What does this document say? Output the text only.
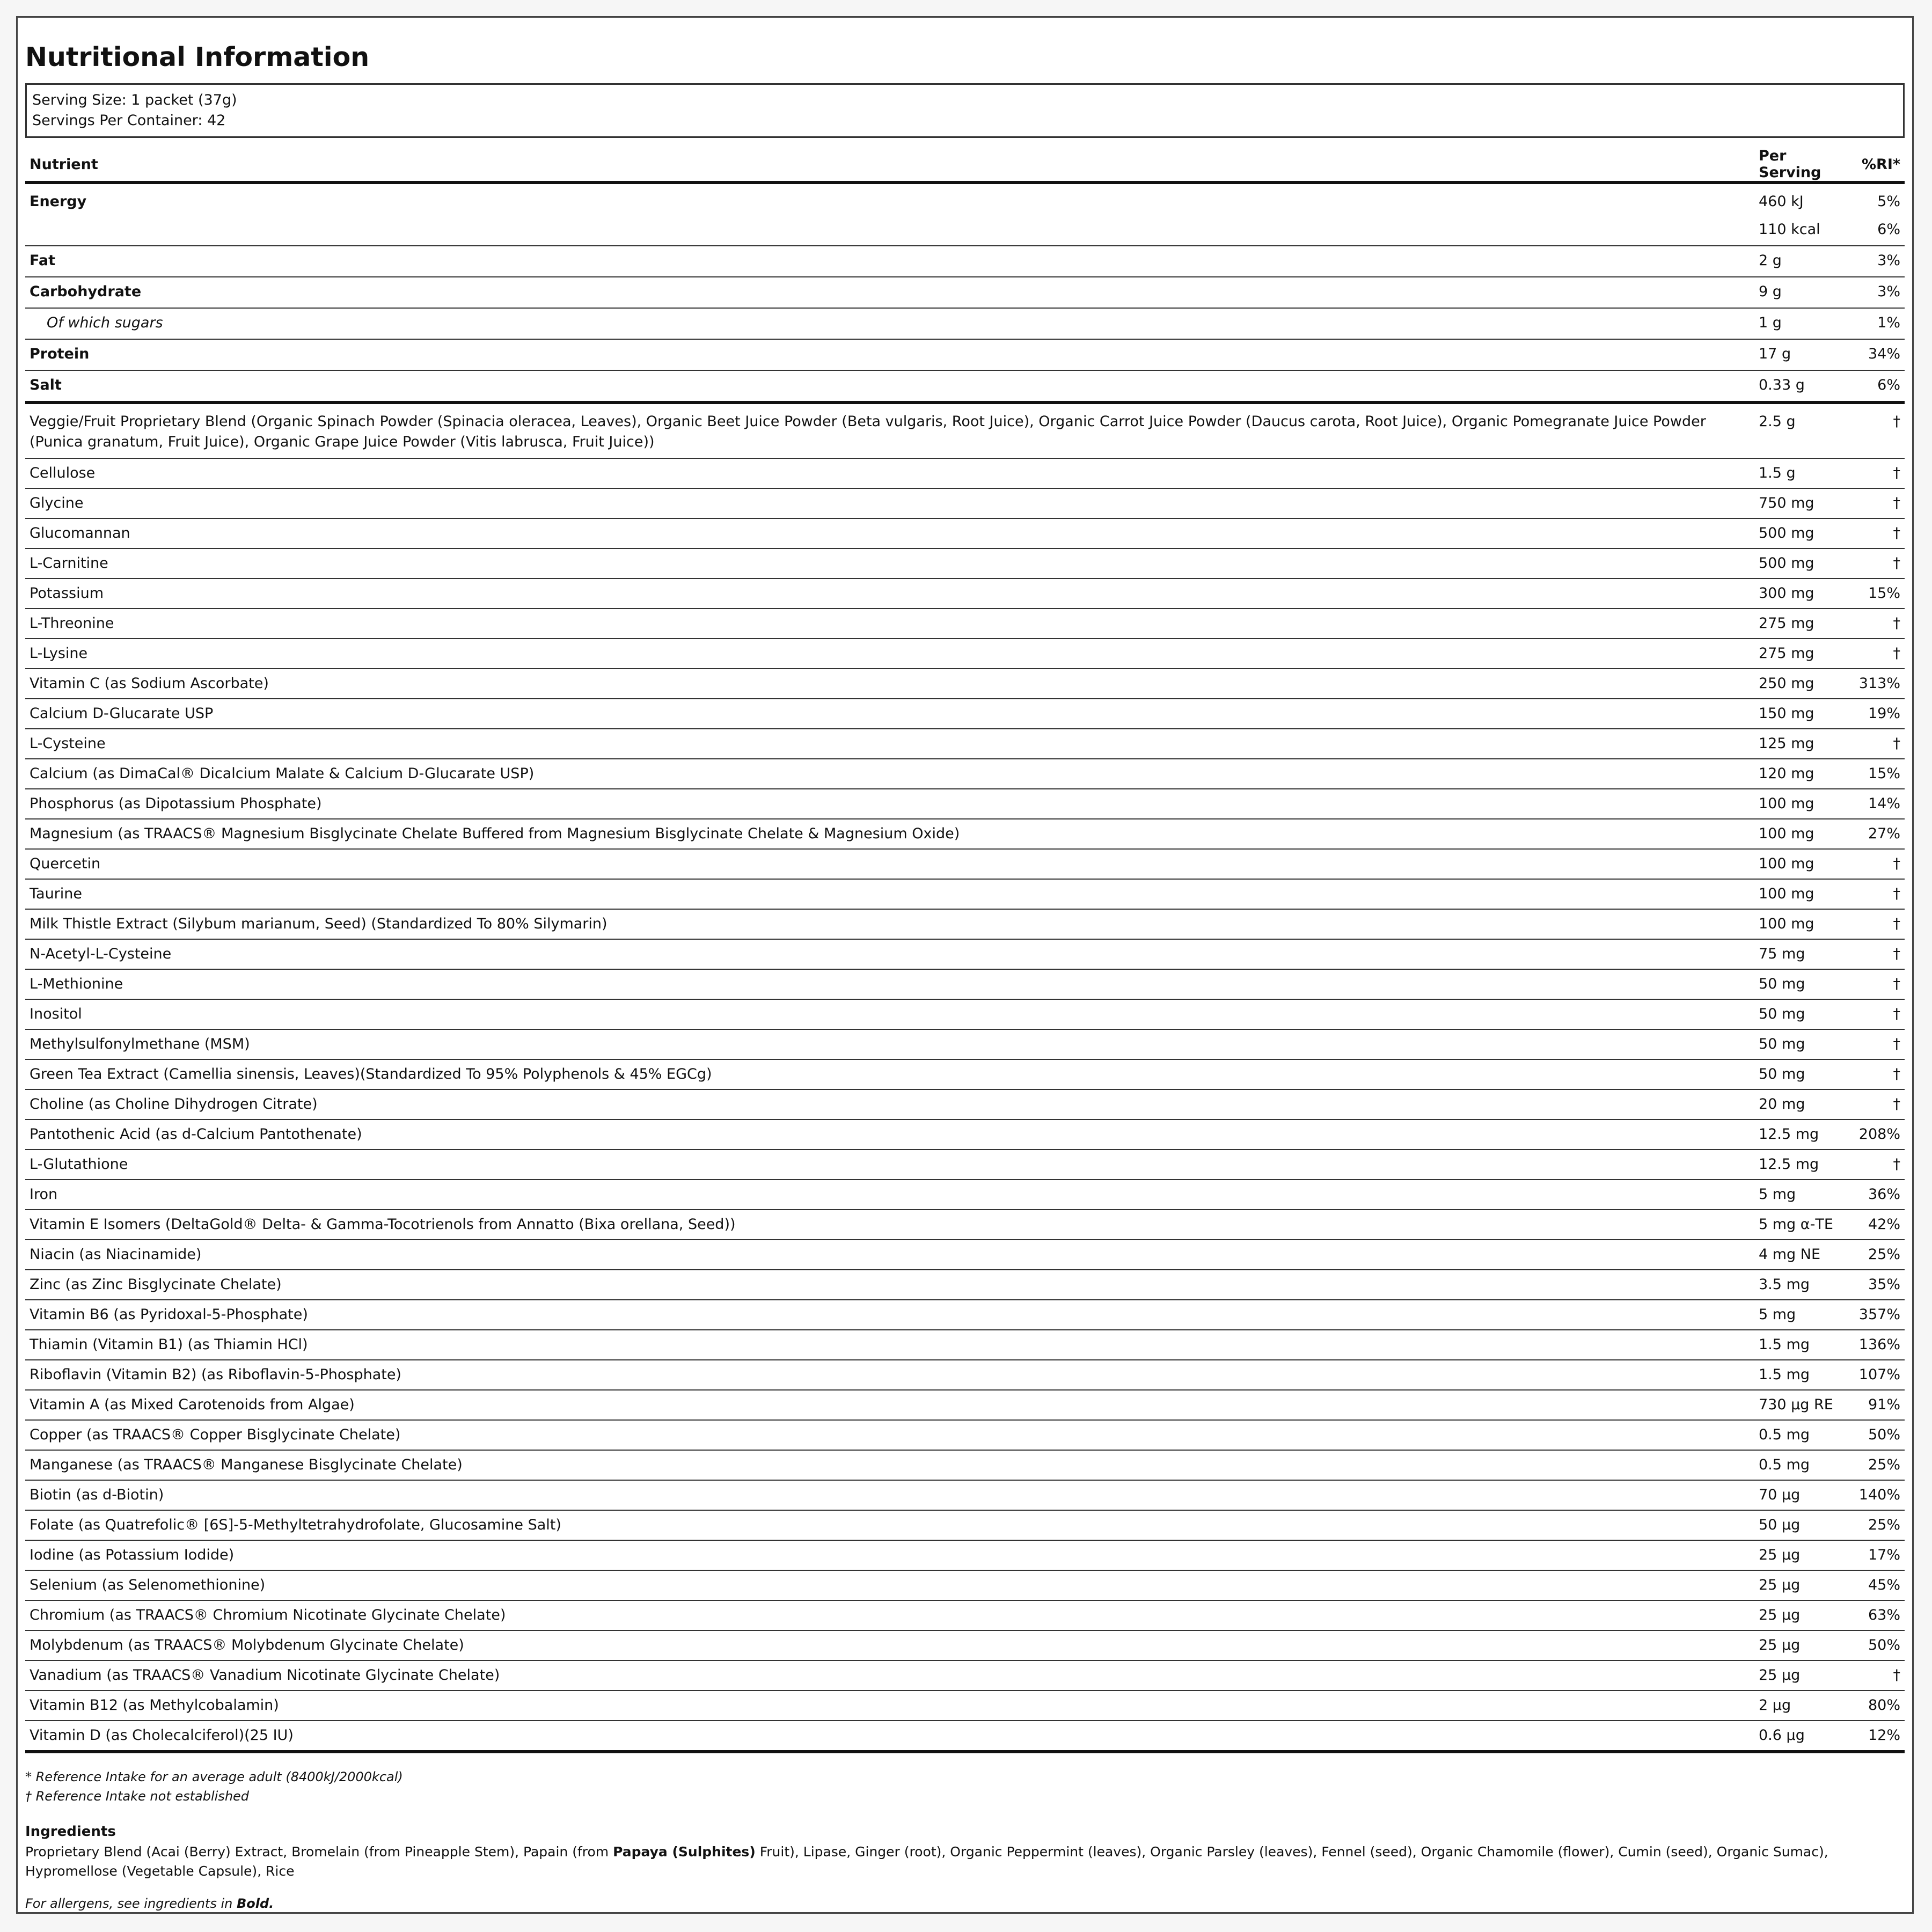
Nutritional Information
Serving Size: 1 packet (37g)
Servings Per Container: 42
Nutrient	Per Serving	%RI*
Energy	460 kJ	5%
	110 kcal	6%
Fat	2 g	3%
Carbohydrate	9 g	3%
Of which sugars	1 g	1%
Protein	17 g	34%
Salt	0.33 g	6%
Veggie/Fruit Proprietary Blend (Organic Spinach Powder (Spinacia oleracea, Leaves), Organic Beet Juice Powder (Beta vulgaris, Root Juice), Organic Carrot Juice Powder (Daucus carota, Root Juice), Organic Pomegranate Juice Powder (Punica granatum, Fruit Juice), Organic Grape Juice Powder (Vitis labrusca, Fruit Juice))	2.5 g	†
Cellulose	1.5 g	†
Glycine	750 mg	†
Glucomannan	500 mg	†
L-Carnitine	500 mg	†
Potassium	300 mg	15%
L-Threonine	275 mg	†
L-Lysine	275 mg	†
Vitamin C (as Sodium Ascorbate)	250 mg	313%
Calcium D-Glucarate USP	150 mg	19%
L-Cysteine	125 mg	†
Calcium (as DimaCal® Dicalcium Malate & Calcium D-Glucarate USP)	120 mg	15%
Phosphorus (as Dipotassium Phosphate)	100 mg	14%
Magnesium (as TRAACS® Magnesium Bisglycinate Chelate Buffered from Magnesium Bisglycinate Chelate & Magnesium Oxide)	100 mg	27%
Quercetin	100 mg	†
Taurine	100 mg	†
Milk Thistle Extract (Silybum marianum, Seed) (Standardized To 80% Silymarin)	100 mg	†
N-Acetyl-L-Cysteine	75 mg	†
L-Methionine	50 mg	†
Inositol	50 mg	†
Methylsulfonylmethane (MSM)	50 mg	†
Green Tea Extract (Camellia sinensis, Leaves)(Standardized To 95% Polyphenols & 45% EGCg)	50 mg	†
Choline (as Choline Dihydrogen Citrate)	20 mg	†
Pantothenic Acid (as d-Calcium Pantothenate)	12.5 mg	208%
L-Glutathione	12.5 mg	†
Iron	5 mg	36%
Vitamin E Isomers (DeltaGold® Delta- & Gamma-Tocotrienols from Annatto (Bixa orellana, Seed))	5 mg α-TE	42%
Niacin (as Niacinamide)	4 mg NE	25%
Zinc (as Zinc Bisglycinate Chelate)	3.5 mg	35%
Vitamin B6 (as Pyridoxal-5-Phosphate)	5 mg	357%
Thiamin (Vitamin B1) (as Thiamin HCl)	1.5 mg	136%
Riboflavin (Vitamin B2) (as Riboflavin-5-Phosphate)	1.5 mg	107%
Vitamin A (as Mixed Carotenoids from Algae)	730 µg RE	91%
Copper (as TRAACS® Copper Bisglycinate Chelate)	0.5 mg	50%
Manganese (as TRAACS® Manganese Bisglycinate Chelate)	0.5 mg	25%
Biotin (as d-Biotin)	70 µg	140%
Folate (as Quatrefolic® [6S]-5-Methyltetrahydrofolate, Glucosamine Salt)	50 µg	25%
Iodine (as Potassium Iodide)	25 µg	17%
Selenium (as Selenomethionine)	25 µg	45%
Chromium (as TRAACS® Chromium Nicotinate Glycinate Chelate)	25 µg	63%
Molybdenum (as TRAACS® Molybdenum Glycinate Chelate)	25 µg	50%
Vanadium (as TRAACS® Vanadium Nicotinate Glycinate Chelate)	25 µg	†
Vitamin B12 (as Methylcobalamin)	2 µg	80%
Vitamin D (as Cholecalciferol)(25 IU)	0.6 µg	12%
* Reference Intake for an average adult (8400kJ/2000kcal)
† Reference Intake not established
Ingredients
Proprietary Blend (Acai (Berry) Extract, Bromelain (from Pineapple Stem), Papain (from Papaya (Sulphites) Fruit), Lipase, Ginger (root), Organic Peppermint (leaves), Organic Parsley (leaves), Fennel (seed), Organic Chamomile (flower), Cumin (seed), Organic Sumac), Hypromellose (Vegetable Capsule), Rice
For allergens, see ingredients in Bold.
